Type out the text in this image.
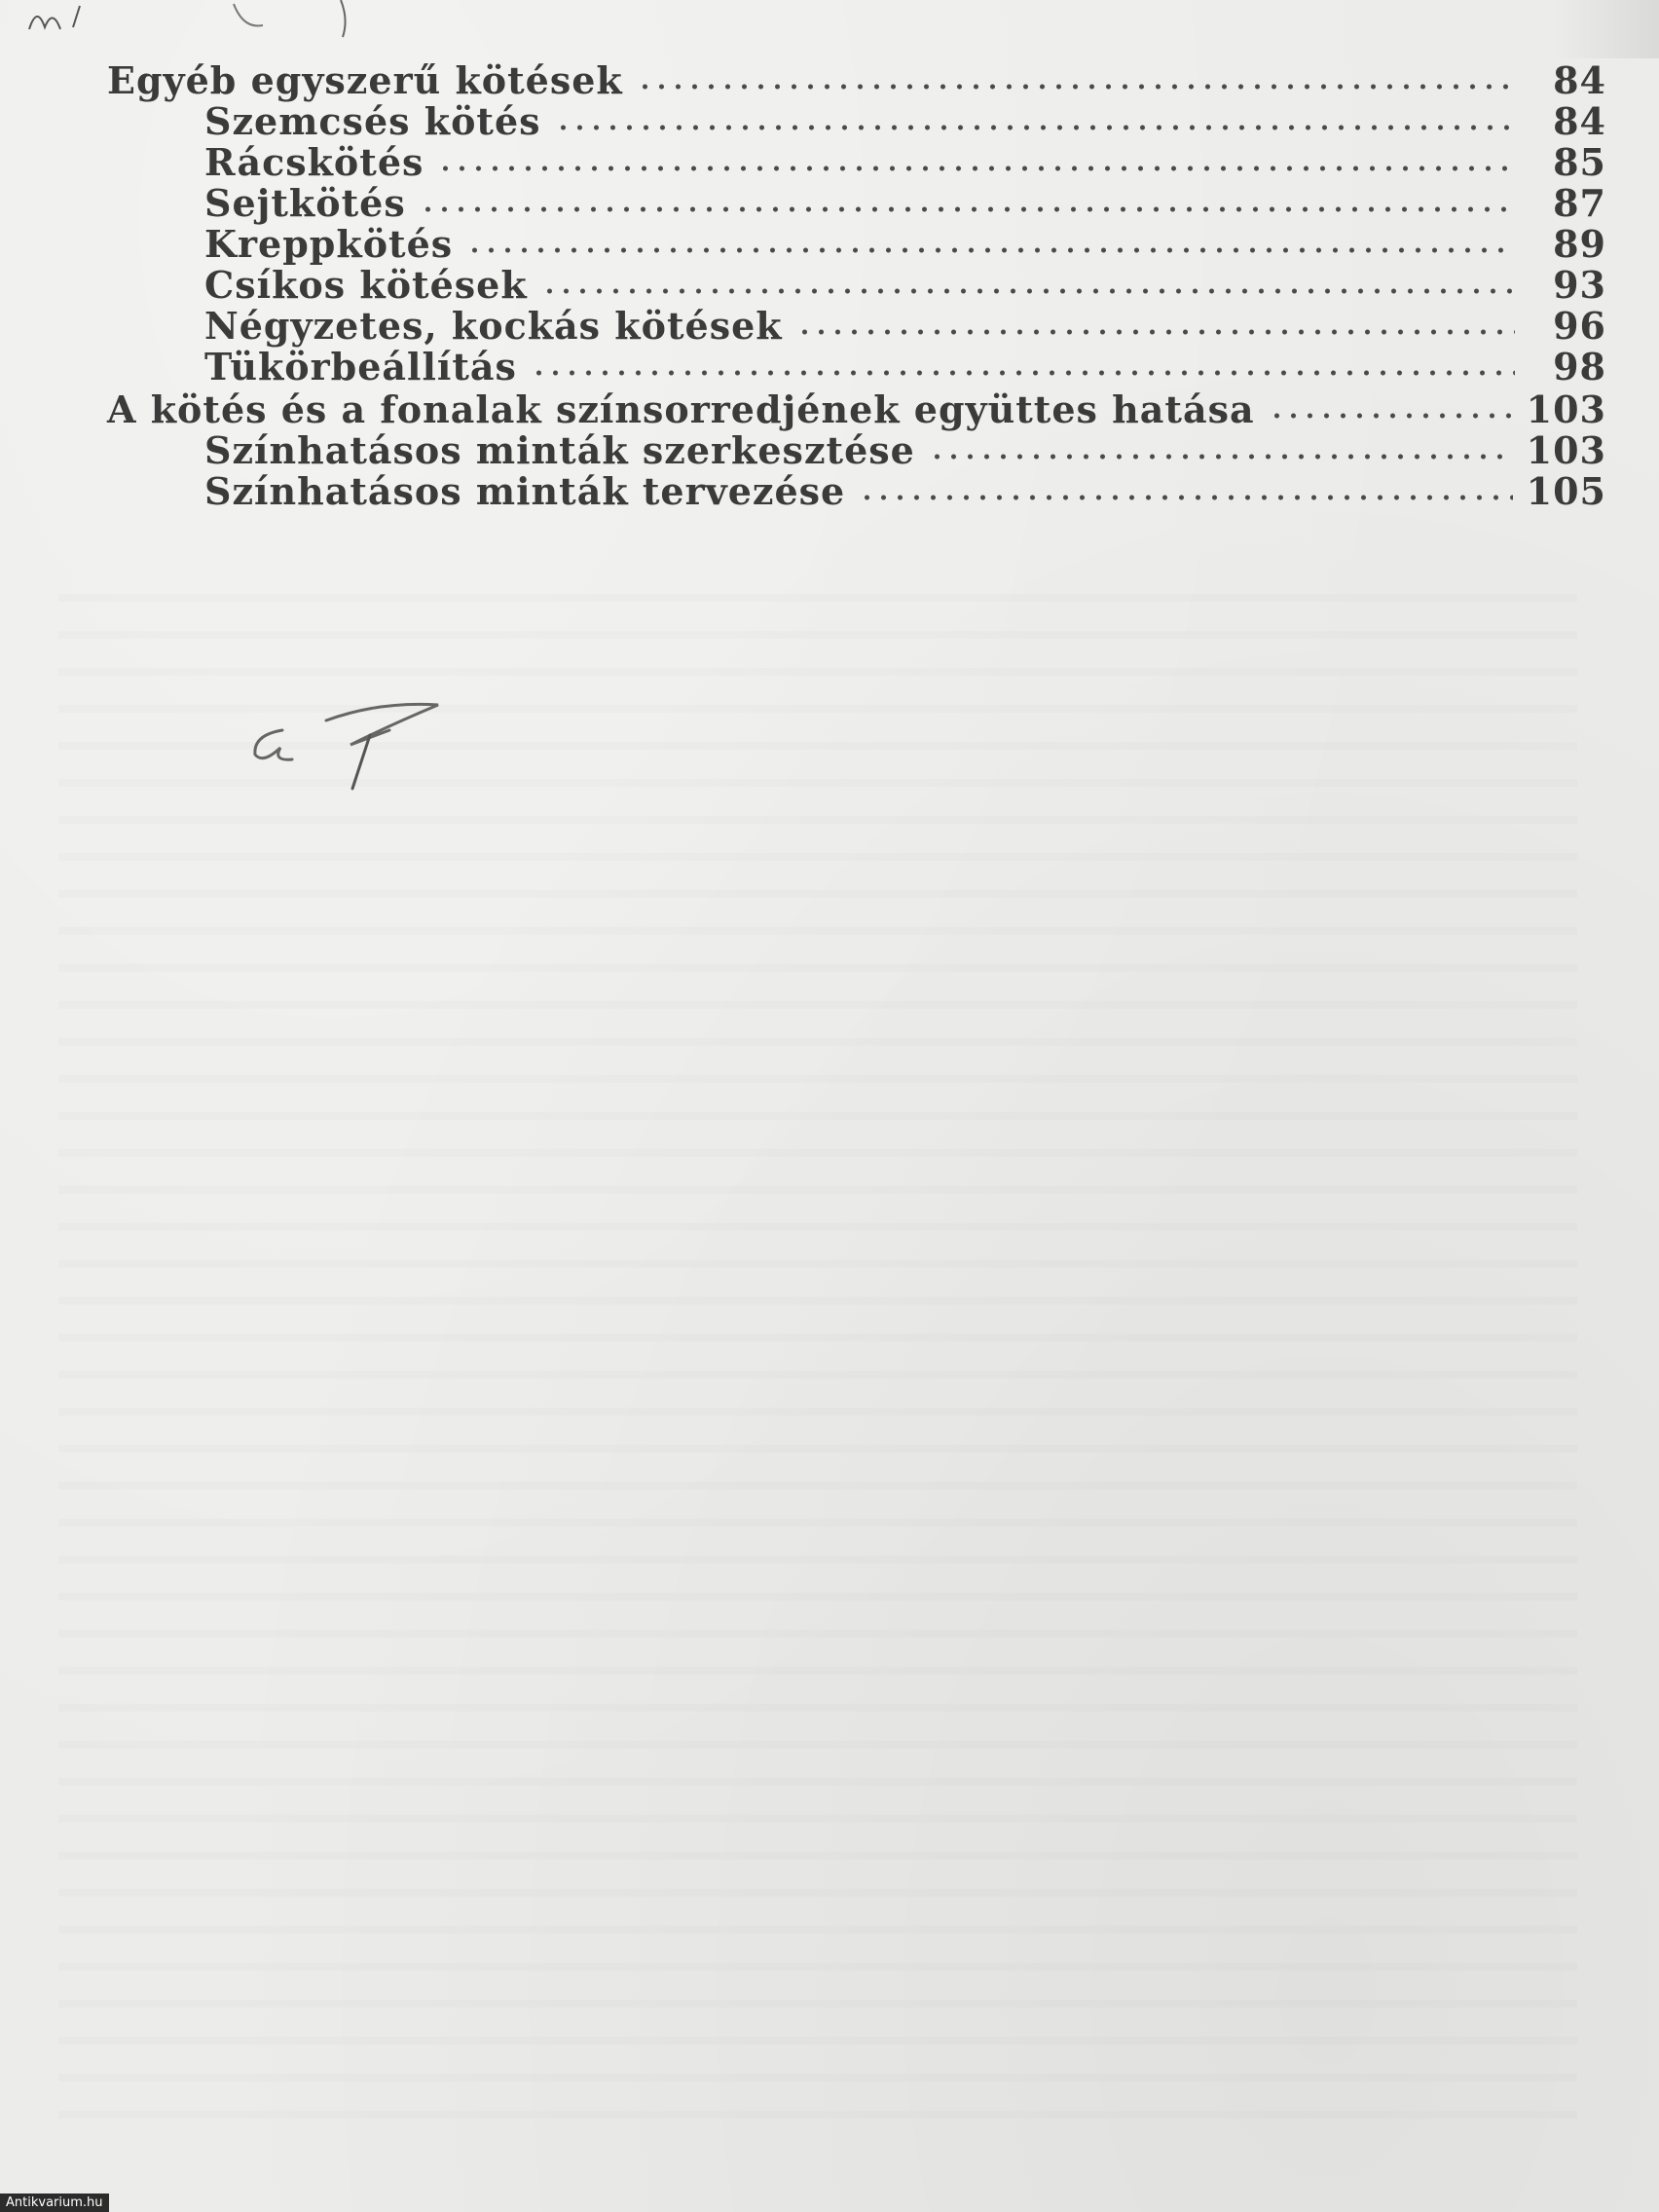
Egyéb egyszerű kötések	84
Szemcsés kötés	84
Rácskötés	85
Sejtkötés	87
Kreppkötés	89
Csíkos kötések	93
Négyzetes, kockás kötések	96
Tükörbeállítás	98
A kötés és a fonalak színsorredjének együttes hatása	103
Színhatásos minták szerkesztése	103
Színhatásos minták tervezése	105
Antikvarium.hu
